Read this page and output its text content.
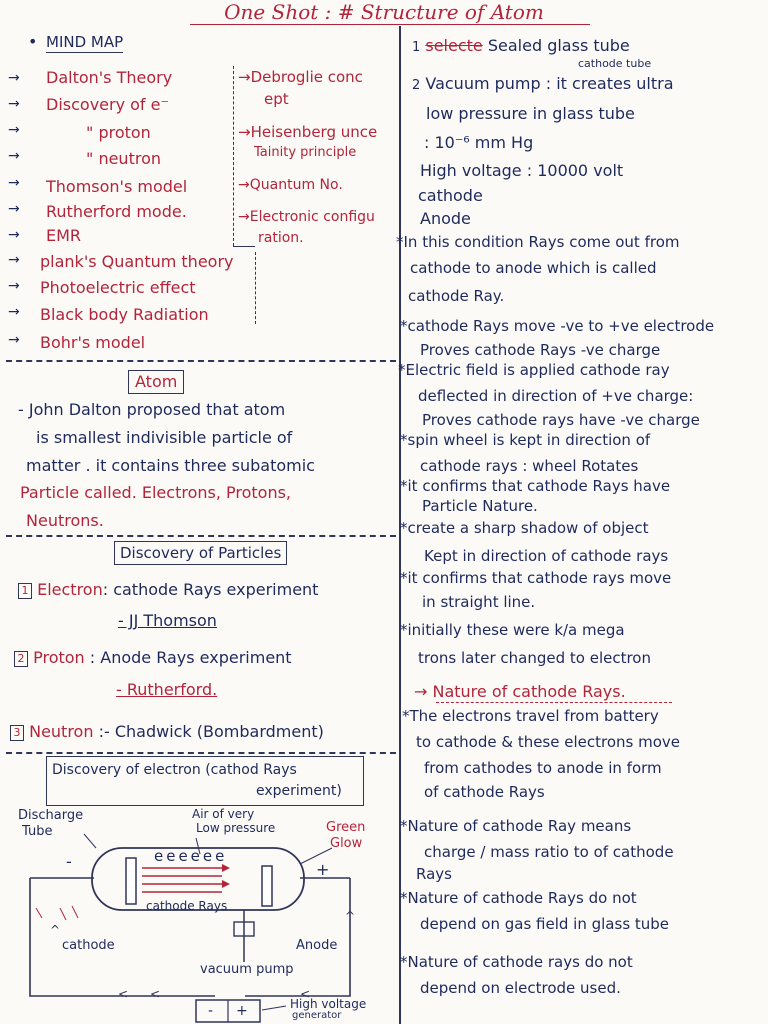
One Shot : # Structure of Atom
• MIND MAP
→ Dalton's Theory
→ Discovery of e⁻
→	" proton
→	" neutron
→ Thomson's model
→ Rutherford mode.
→ EMR
→ plank's Quantum theory
→ Photoelectric effect
→ Black body Radiation
→ Bohr's model
→Debroglie conc
ept
→Heisenberg unce
Tainity principle
→Quantum No.
→Electronic configu
ration.
Atom
- John Dalton proposed that atom
is smallest indivisible particle of
matter . it contains three subatomic
Particle called. Electrons, Protons,
Neutrons.
Discovery of Particles
1 Electron: cathode Rays experiment
- JJ Thomson
2 Proton : Anode Rays experiment
- Rutherford.
3 Neutron :- Chadwick (Bombardment)
Discovery of electron (cathod Rays
experiment)
< <	<
^
^
Discharge
Tube
Air of very
Low pressure	Green
Glow
eeeeee
cathode Rays
-	+
cathode	Anode
vacuum pump
- +	High voltage
generator
1 selecte Sealed glass tube
cathode tube
2 Vacuum pump : it creates ultra
low pressure in glass tube
: 10⁻⁶ mm Hg
High voltage : 10000 volt
cathode
Anode
*In this condition Rays come out from
cathode to anode which is called
cathode Ray.
*cathode Rays move -ve to +ve electrode
Proves cathode Rays -ve charge
*Electric field is applied cathode ray
deflected in direction of +ve charge:
Proves cathode rays have -ve charge
*spin wheel is kept in direction of
cathode rays : wheel Rotates
*it confirms that cathode Rays have
Particle Nature.
*create a sharp shadow of object
Kept in direction of cathode rays
*it confirms that cathode rays move
in straight line.
*initially these were k/a mega
trons later changed to electron
→ Nature of cathode Rays.
*The electrons travel from battery
to cathode & these electrons move
from cathodes to anode in form
of cathode Rays
*Nature of cathode Ray means
charge / mass ratio to of cathode
Rays
*Nature of cathode Rays do not
depend on gas field in glass tube
*Nature of cathode rays do not
depend on electrode used.
